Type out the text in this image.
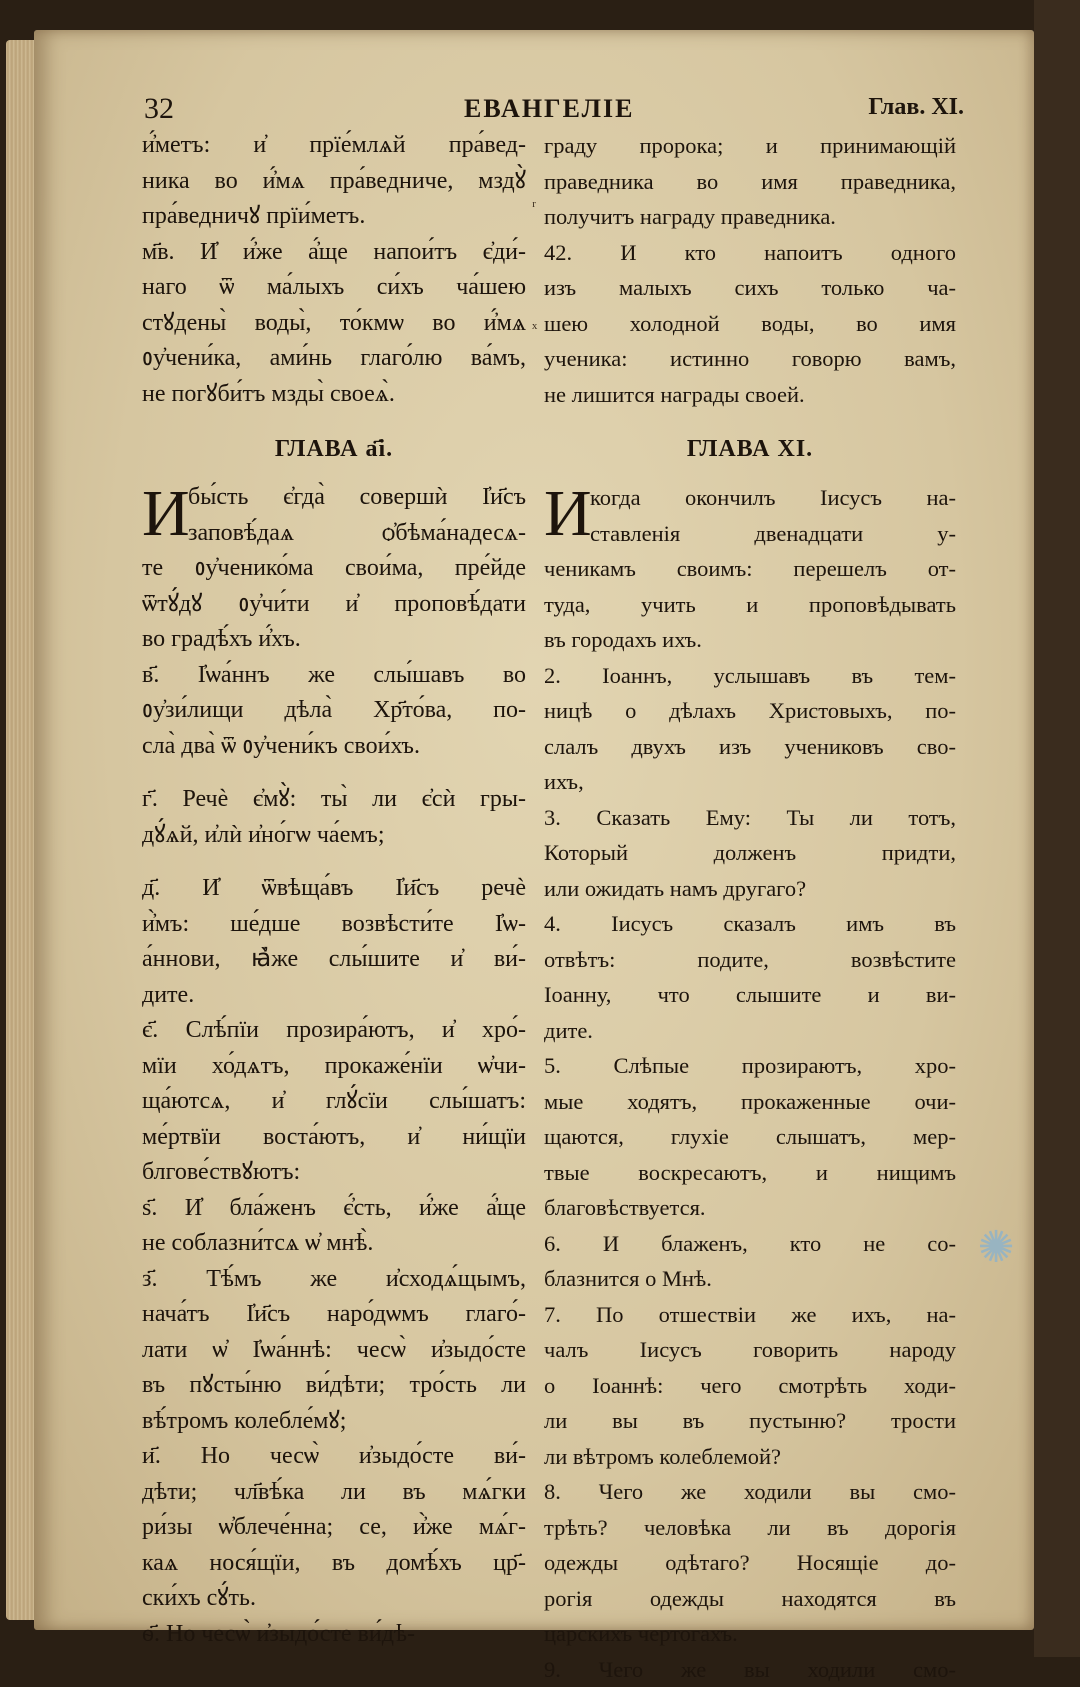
32	ЕВАНГЕЛIЕ	Глав. XI.
и҆́метъ: и҆ прїе́млѧй пра́вед-
ника во и҆́мѧ пра́ведниче, мздꙋ̀
пра́ведничꙋ прїи́метъ.
м҃в. И҆ и҆́же а҆́ще напои́тъ є҆ди́-
наго ѿ ма́лыхъ си́хъ ча́шею
стꙋдены̀ воды̀, то́кмѡ во и҆́мѧ
ᲂу҆чени́ка, ами́нь глаго́лю ва́мъ,
не погꙋби́тъ мзды̀ своеѧ̀.
ГЛАВА а҃і.
И
бы́сть є҆гда̀ совершѝ І҆и҃съ
заповѣ́даѧ ѻ҆бѣма́надесѧ-
те ᲂу҆ченико́ма свои́ма, пре́йде
ѿтꙋ́дꙋ ᲂу҆чи́ти и҆ проповѣ́дати
во градѣ́хъ и҆́хъ.
в҃. І҆ѡа́ннъ же слы́шавъ во
ᲂу҆зи́лищи дѣла̀ Хр҃то́ва, по-
сла̀ два̀ ѿ ᲂу҆чени́къ свои́хъ.
г҃. Речѐ є҆мꙋ̀: ты̀ ли є҆сѝ гры-
дꙋ́ѧй, и҆лѝ и҆но́гѡ ча́емъ;
д҃. И҆ ѿвѣща́въ І҆и҃съ речѐ
и҆̀мъ: ше́дше возвѣсти́те І҆ѡ-
а́ннови, ꙗ҆̀же слы́шите и҆ ви́-
дите.
є҃. Слѣ́пїи прозира́ютъ, и҆ хро́-
мїи хо́дѧтъ, прокаже́нїи ѡ҆чи-
ща́ютсѧ, и҆ глꙋ́сїи слы́шатъ:
ме́ртвїи воста́ютъ, и҆ ни́щїи
блгове́ствꙋютъ:
ѕ҃. И҆ бла́женъ є҆́сть, и҆́же а҆́ще
не соблазни́тсѧ ѡ҆ мнѣ̀.
з҃. Тѣ́мъ же и҆сходѧ́щымъ,
нача́тъ І҆и҃съ наро́дѡмъ глаго́-
лати ѡ҆ І҆ѡа́ннѣ: чесѡ̀ и҆зыдо́сте
въ пꙋсты́ню ви́дѣти; тро́сть ли
вѣ́тромъ колебле́мꙋ;
и҃. Но чесѡ̀ и҆зыдо́сте ви́-
дѣти; чл҃вѣ́ка ли въ мѧ́гки
ри́зы ѡ҆блече́нна; се, и҆̀же мѧ́г-
каѧ нося́щїи, въ домѣ́хъ цр҃-
ски́хъ сꙋ́ть.
ѳ҃. Но чесѡ̀ и҆зыдо́сте ви́дѣ-
граду пророка; и принимающій
праведника во имя праведника,
получитъ награду праведника.
42. И кто напоитъ одного
изъ малыхъ сихъ только ча-
шею холодной воды, во имя
ученика: истинно говорю вамъ,
не лишится награды своей.
ГЛАВА XI.
И
когда окончилъ Іисусъ на-
ставленія двенадцати у-
ченикамъ своимъ: перешелъ от-
туда, учить и проповѣдывать
въ городахъ ихъ.
2. Іоаннъ, услышавъ въ тем-
ницѣ о дѣлахъ Христовыхъ, по-
слалъ двухъ изъ учениковъ сво-
ихъ,
3. Сказать Ему: Ты ли тотъ,
Который долженъ придти,
или ожидать намъ другаго?
4. Іисусъ сказалъ имъ въ
отвѣтъ: подите, возвѣстите
Іоанну, что слышите и ви-
дите.
5. Слѣпые прозираютъ, хро-
мые ходятъ, прокаженные очи-
щаются, глухіе слышатъ, мер-
твые воскресаютъ, и нищимъ
благовѣствуется.
6. И блаженъ, кто не со-
блазнится о Мнѣ.
7. По отшествіи же ихъ, на-
чалъ Іисусъ говорить народу
о Іоаннѣ: чего смотрѣть ходи-
ли вы въ пустыню? трости
ли вѣтромъ колеблемой?
8. Чего же ходили вы смо-
трѣть? человѣка ли въ дорогія
одежды одѣтаго? Носящіе до-
рогія одежды находятся въ
царскихъ чертогахъ.
9. Чего же вы ходили смо-
✺
ʳ
ˣ
